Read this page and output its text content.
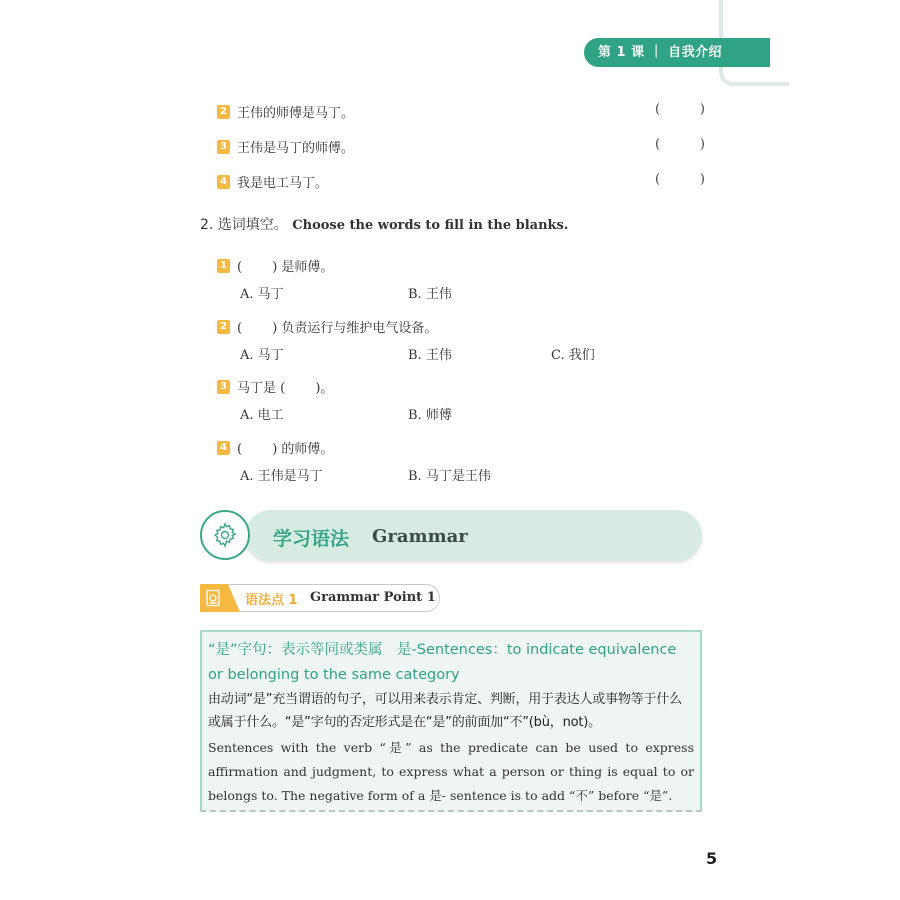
第 1 课 ｜ 自我介绍
2 王伟的师傅是马丁。	(	)
3 王伟是马丁的师傅。	(	)
4 我是电工马丁。	(	)
2. 选词填空。 Choose the words to fill in the blanks.
1 (　　 ) 是师傅。
A. 马丁	B. 王伟
2 (　　 ) 负责运行与维护电气设备。
A. 马丁	B. 王伟	C. 我们
3 马丁是 (　　 )。
A. 电工	B. 师傅
4 (　　 ) 的师傅。
A. 王伟是马丁	B. 马丁是王伟
学习语法 Grammar
语法点 1 Grammar Point 1
“是”字句：表示等同或类属　是-Sentences：to indicate equivalence or belonging to the same category
由动词“是”充当谓语的句子，可以用来表示肯定、判断，用于表达人或事物等于什么或属于什么。“是”字句的否定形式是在“是”的前面加“不”(bù，not)。
Sentences with the verb “是” as the predicate can be used to express affirmation and judgment, to express what a person or thing is equal to or belongs to. The negative form of a 是- sentence is to add “不” before “是”.
5
